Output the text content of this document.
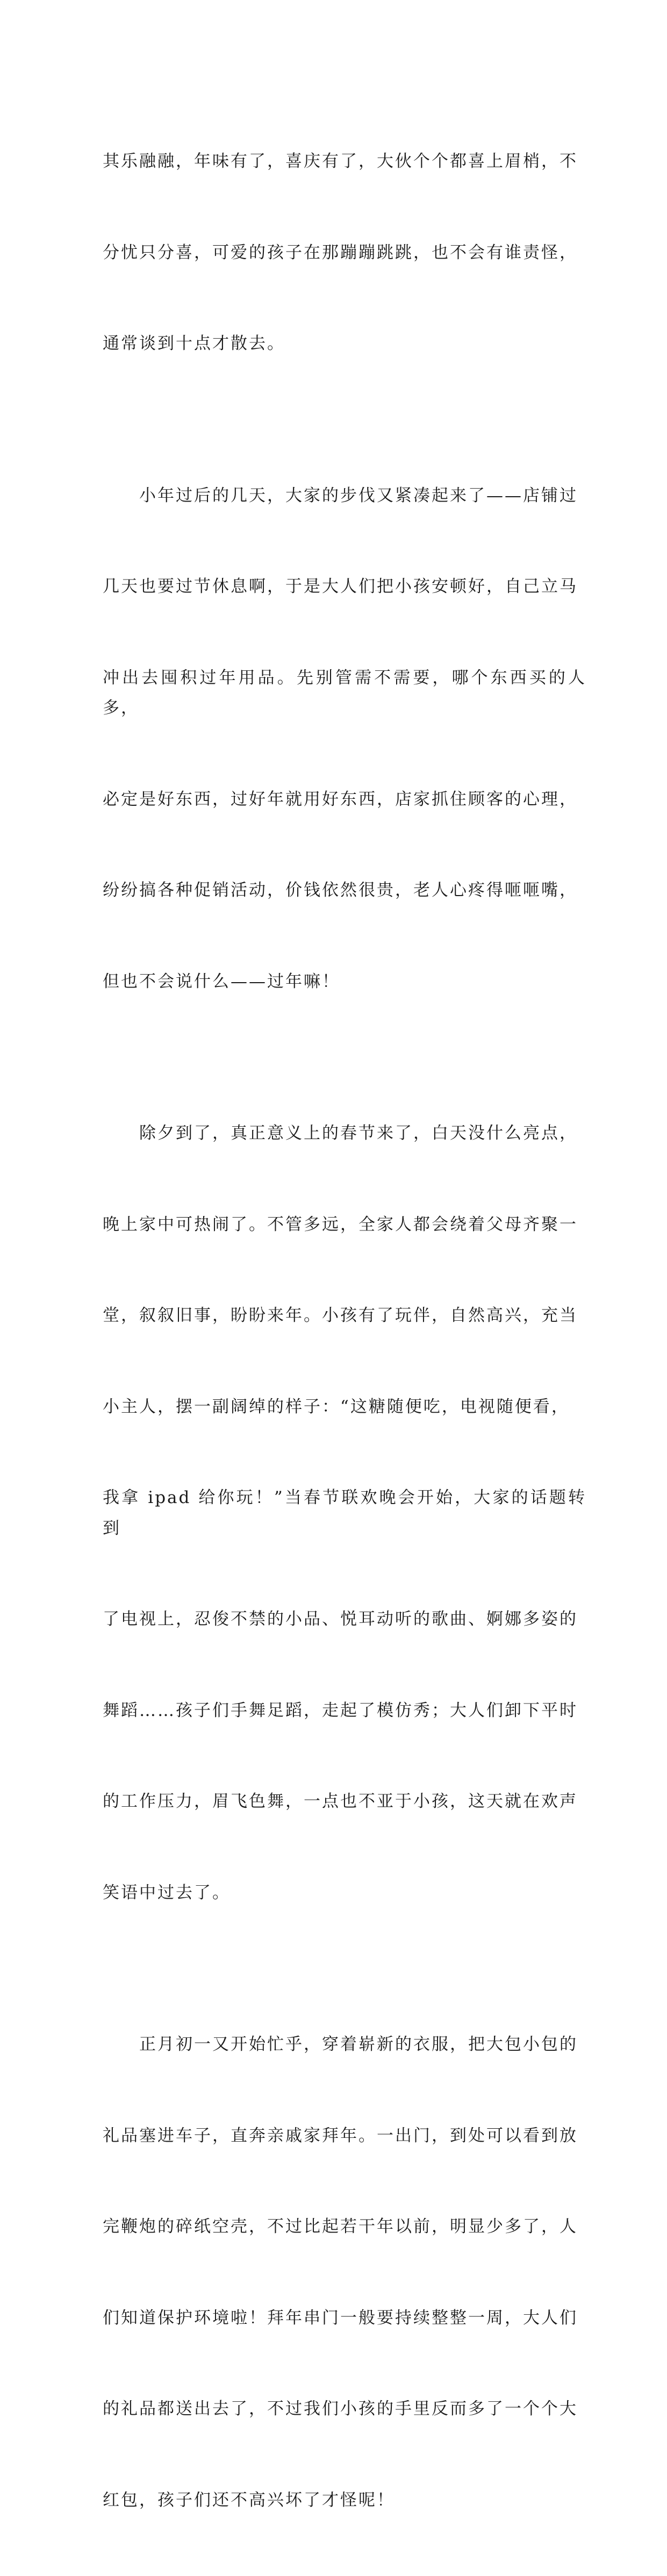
其乐融融，年味有了，喜庆有了，大伙个个都喜上眉梢，不

分忧只分喜，可爱的孩子在那蹦蹦跳跳，也不会有谁责怪，

通常谈到十点才散去。

　　小年过后的几天，大家的步伐又紧凑起来了——店铺过

几天也要过节休息啊，于是大人们把小孩安顿好，自己立马

冲出去囤积过年用品。先别管需不需要，哪个东西买的人多，

必定是好东西，过好年就用好东西，店家抓住顾客的心理，

纷纷搞各种促销活动，价钱依然很贵，老人心疼得咂咂嘴，

但也不会说什么——过年嘛！

　　除夕到了，真正意义上的春节来了，白天没什么亮点，

晚上家中可热闹了。不管多远，全家人都会绕着父母齐聚一

堂，叙叙旧事，盼盼来年。小孩有了玩伴，自然高兴，充当

小主人，摆一副阔绰的样子：“这糖随便吃，电视随便看，

我拿 ipad 给你玩！”当春节联欢晚会开始，大家的话题转到

了电视上，忍俊不禁的小品、悦耳动听的歌曲、婀娜多姿的

舞蹈……孩子们手舞足蹈，走起了模仿秀；大人们卸下平时

的工作压力，眉飞色舞，一点也不亚于小孩，这天就在欢声

笑语中过去了。

　　正月初一又开始忙乎，穿着崭新的衣服，把大包小包的

礼品塞进车子，直奔亲戚家拜年。一出门，到处可以看到放

完鞭炮的碎纸空壳，不过比起若干年以前，明显少多了，人

们知道保护环境啦！拜年串门一般要持续整整一周，大人们

的礼品都送出去了，不过我们小孩的手里反而多了一个个大

红包，孩子们还不高兴坏了才怪呢！
